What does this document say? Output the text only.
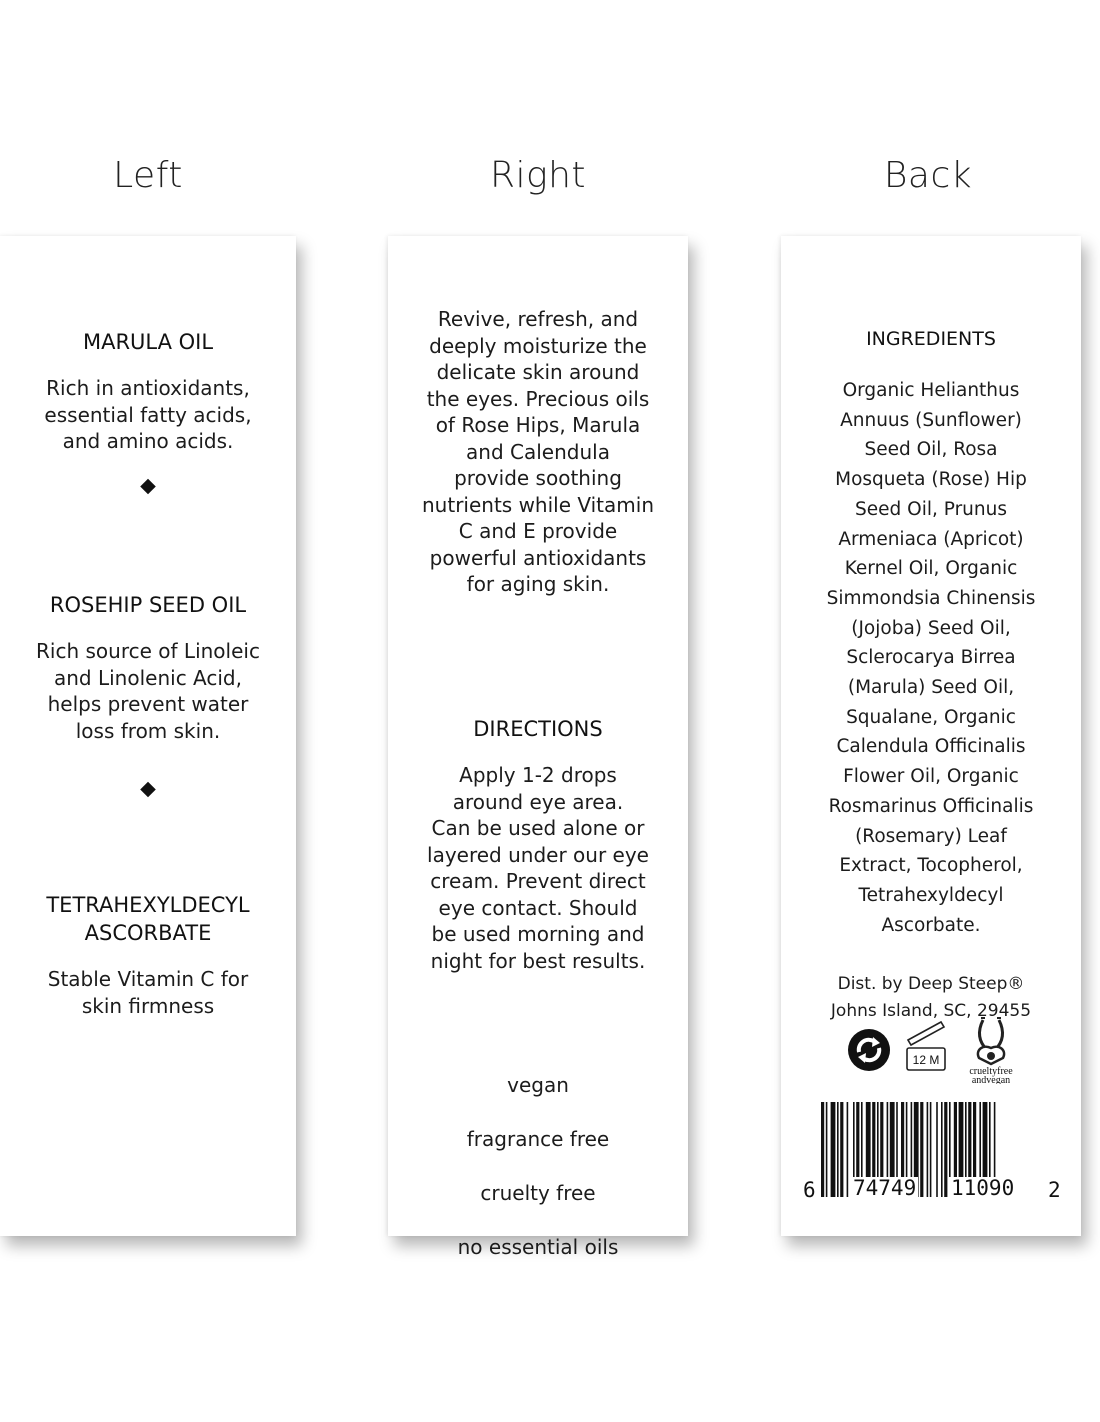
Left	Right	Back

MARULA OIL

Rich in antioxidants,
essential fatty acids,
and amino acids.

ROSEHIP SEED OIL

Rich source of Linoleic
and Linolenic Acid,
helps prevent water
loss from skin.

TETRAHEXYLDECYL
ASCORBATE

Stable Vitamin C for
skin firmness

Revive, refresh, and
deeply moisturize the
delicate skin around
the eyes. Precious oils
of Rose Hips, Marula
and Calendula
provide soothing
nutrients while Vitamin
C and E provide
powerful antioxidants
for aging skin.

DIRECTIONS

Apply 1-2 drops
around eye area.
Can be used alone or
layered under our eye
cream. Prevent direct
eye contact. Should
be used morning and
night for best results.

vegan

fragrance free

cruelty free

no essential oils

INGREDIENTS

Organic Helianthus
Annuus (Sunflower)
Seed Oil, Rosa
Mosqueta (Rose) Hip
Seed Oil, Prunus
Armeniaca (Apricot)
Kernel Oil, Organic
Simmondsia Chinensis
(Jojoba) Seed Oil,
Sclerocarya Birrea
(Marula) Seed Oil,
Squalane, Organic
Calendula Officinalis
Flower Oil, Organic
Rosmarinus Officinalis
(Rosemary) Leaf
Extract, Tocopherol,
Tetrahexyldecyl
Ascorbate.

Dist. by Deep Steep®
Johns Island, SC, 29455

12 M
crueltyfree
andvegan
6 74749 11090 2
